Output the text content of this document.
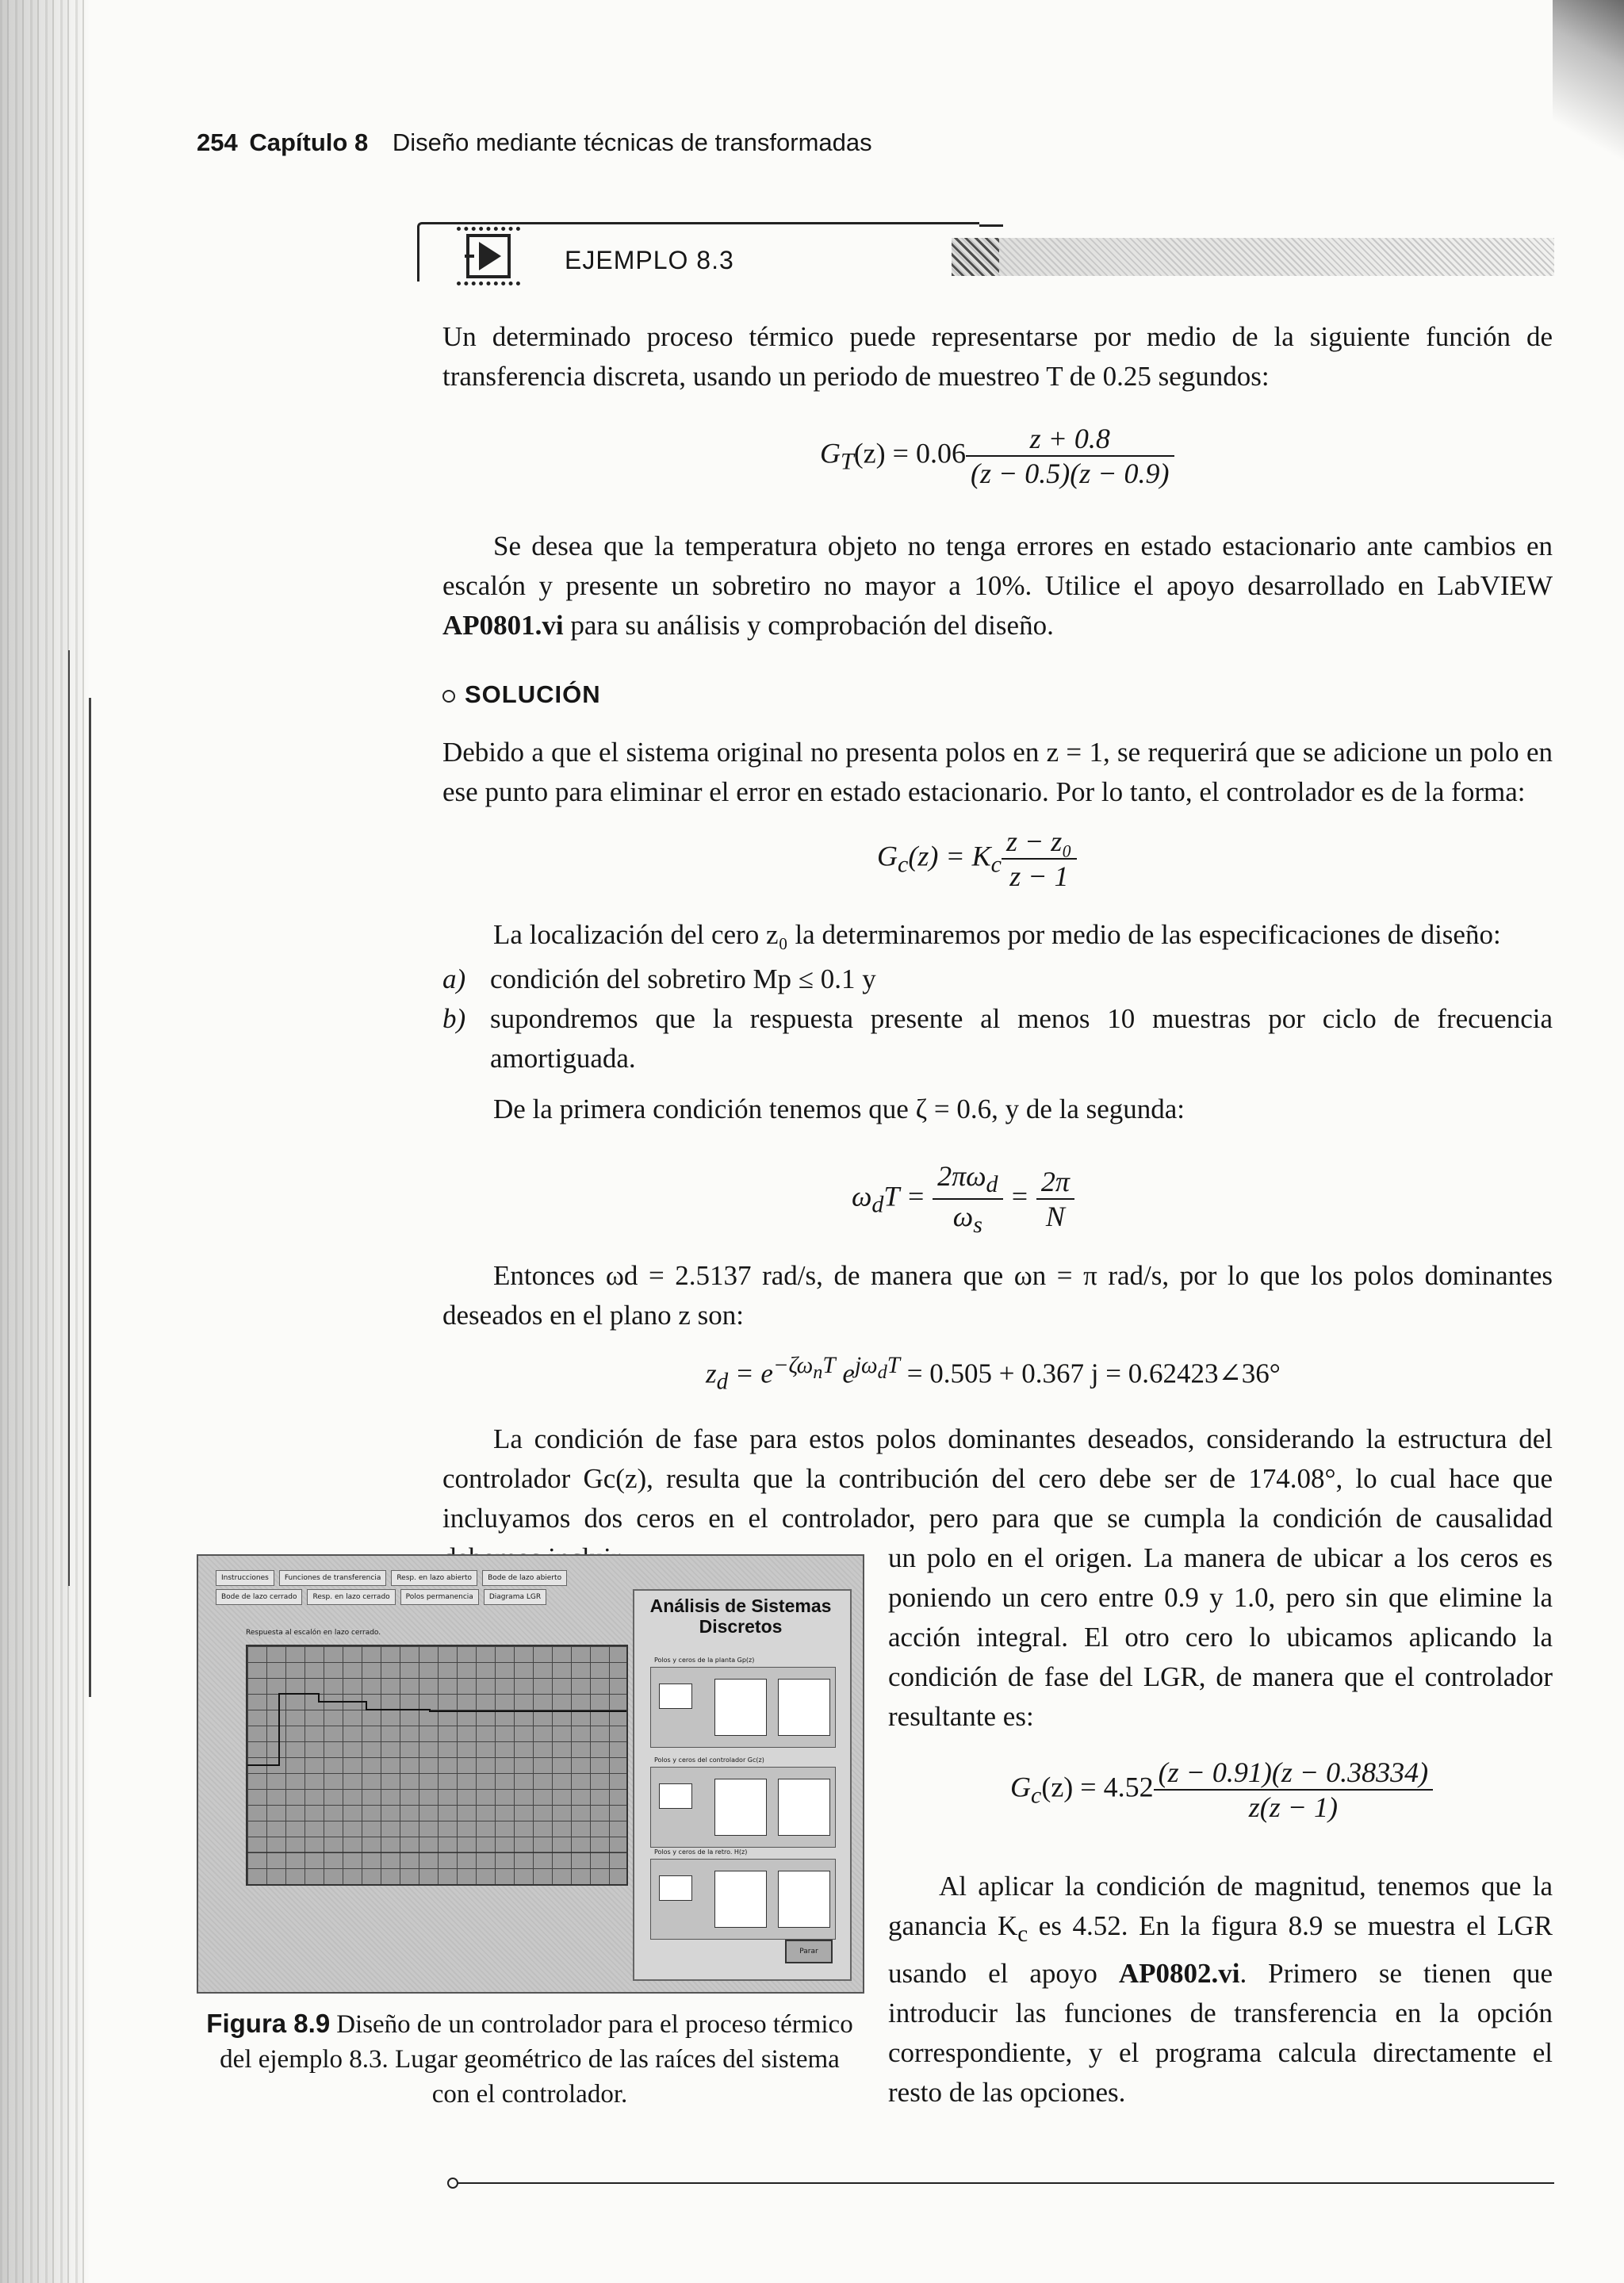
254 Capítulo 8 Diseño mediante técnicas de transformadas
EJEMPLO 8.3

Un determinado proceso térmico puede representarse por medio de la siguiente función de transferencia discreta, usando un periodo de muestreo T de 0.25 segundos:

$G_T(z) = 0.06 \frac{z + 0.8}{(z - 0.5)(z - 0.9)}$

Se desea que la temperatura objeto no tenga errores en estado estacionario ante cambios en escalón y presente un sobretiro no mayor a 10%. Utilice el apoyo desarrollado en LabVIEW AP0801.vi para su análisis y comprobación del diseño.

SOLUCIÓN

Debido a que el sistema original no presenta polos en z = 1, se requerirá que se adicione un polo en ese punto para eliminar el error en estado estacionario. Por lo tanto, el controlador es de la forma:

$G_c(z) = K_c \frac{\text{z − z₀}}{z - 1}$

La localización del cero z₀ la determinaremos por medio de las especificaciones de diseño:

a) condición del sobretiro Mp ≤ 0.1 y
b) supondremos que la respuesta presente al menos 10 muestras por ciclo de frecuencia amortiguada.

De la primera condición tenemos que ζ = 0.6, y de la segunda:

$\omega_dT = \frac{2\pi\omega_d}{\omega_s} = \frac{2\pi}{N}$

Entonces ωd = 2.5137 rad/s, de manera que ωn = π rad/s, por lo que los polos dominantes deseados en el plano z son:

$z_d = e^{-\zeta\omega_nT}$ $e^{j\omega_dT} = 0.505 + 0.367$ j = 0.62423∠36°

La condición de fase para estos polos dominantes deseados, considerando la estructura del controlador Gc(z), resulta que la contribución del cero debe ser de 174.08°, lo cual hace que incluyamos dos ceros en el controlador, pero para que se cumpla la condición de causalidad

un polo en el origen. La manera de ubicar a los ceros es poniendo un cero entre 0.9 y 1.0, pero sin que elimine la acción integral. El otro cero lo ubicamos aplicando la condición de fase del LGR, de manera que el controlador resultante es:

$G_c(z) = 4.52 \frac{(z - 0.91)(z - 0.38334)}{z(z - 1)}$

Al aplicar la condición de magnitud, tenemos que la ganancia $K_c$ es 4.52. En la figura 8.9 se muestra el LGR usando el apoyo AP0802.vi. Primero se tienen que introducir las funciones de transferencia en la opción correspondiente, y el programa calcula directamente el resto de las opciones.

Instrucciones	Funciones de transferencia	Resp. en lazo abierto	Bode de lazo abierto
Bode de lazo cerrado	Resp. en lazo cerrado	Polos permanencia	Diagrama LGR
Respuesta al escalón en lazo cerrado.
Análisis de Sistemas Discretos
Polos y ceros de la planta Gp(z)
Polos y ceros del controlador Gc(z)
Polos y ceros de la retro. H(z)
Parar
Figura 8.9 Diseño de un controlador para el proceso térmico del ejemplo 8.3. Lugar geométrico de las raíces del sistema con el controlador.
